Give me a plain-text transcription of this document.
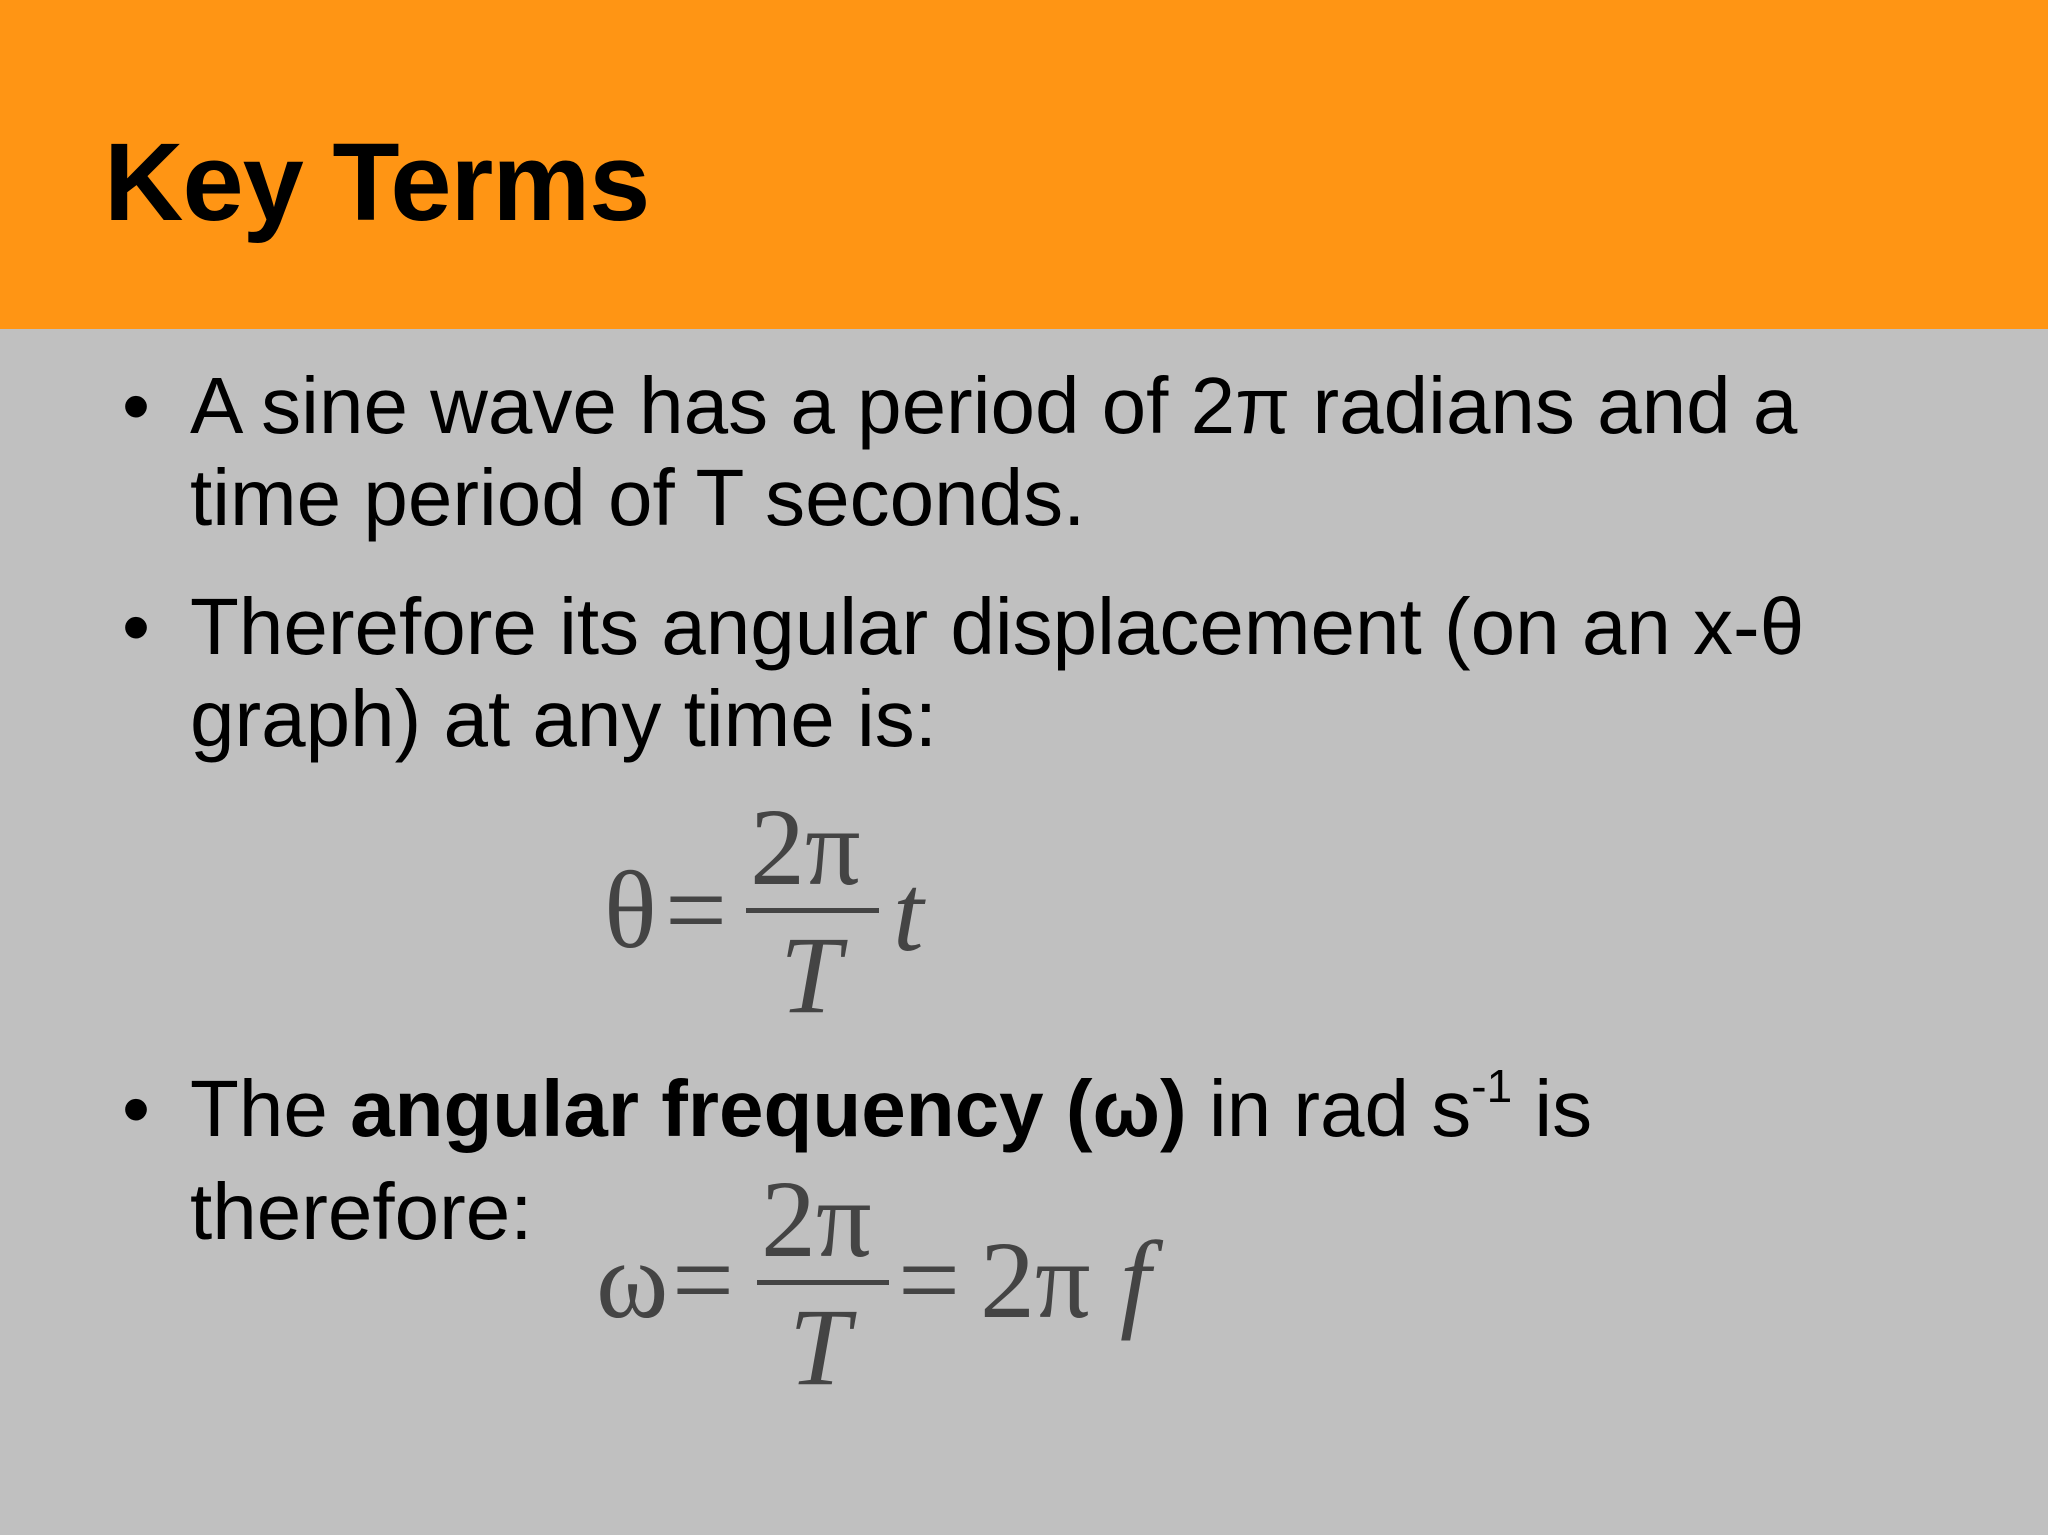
Key Terms
• A sine wave has a period of 2π radians and a time period of T seconds.
• Therefore its angular displacement (on an x-θ graph) at any time is:
θ =
2π
T
t
• The angular frequency (ω) in rad $s^{-1}$ is therefore:
ω = 2π
T
= 2π f
